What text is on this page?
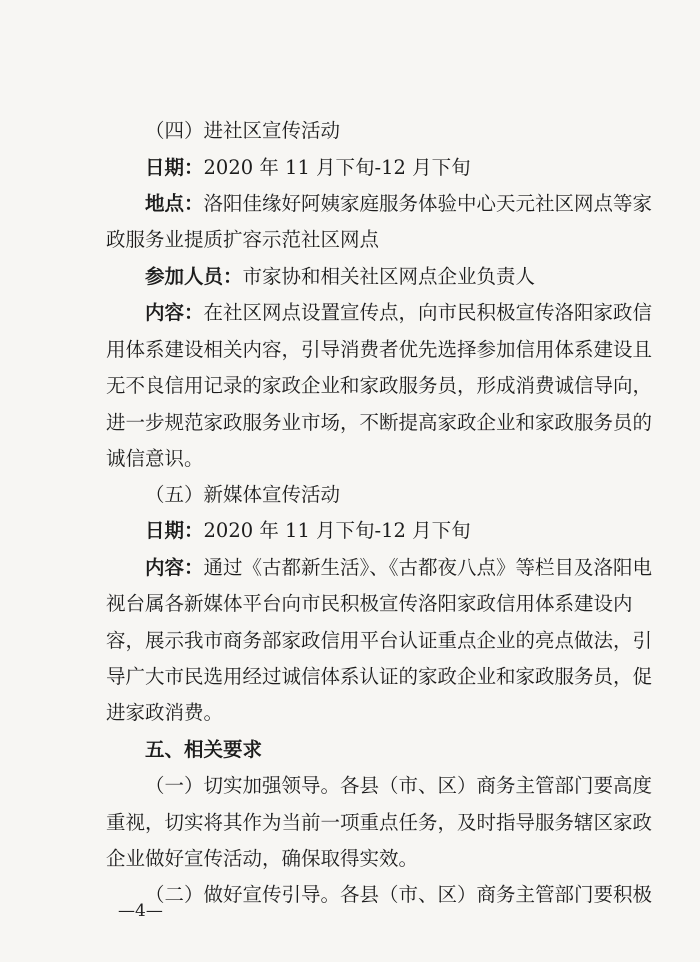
（四）进社区宣传活动
日期：2020 年 11 月下旬-12 月下旬
地点：洛阳佳缘好阿姨家庭服务体验中心天元社区网点等家
政服务业提质扩容示范社区网点
参加人员：市家协和相关社区网点企业负责人
内容：在社区网点设置宣传点，向市民积极宣传洛阳家政信
用体系建设相关内容，引导消费者优先选择参加信用体系建设且
无不良信用记录的家政企业和家政服务员，形成消费诚信导向，
进一步规范家政服务业市场，不断提高家政企业和家政服务员的
诚信意识。
（五）新媒体宣传活动
日期：2020 年 11 月下旬-12 月下旬
内容：通过《古都新生活》、《古都夜八点》等栏目及洛阳电
视台属各新媒体平台向市民积极宣传洛阳家政信用体系建设内
容，展示我市商务部家政信用平台认证重点企业的亮点做法，引
导广大市民选用经过诚信体系认证的家政企业和家政服务员，促
进家政消费。
五、相关要求
（一）切实加强领导。各县（市、区）商务主管部门要高度
重视，切实将其作为当前一项重点任务，及时指导服务辖区家政
企业做好宣传活动，确保取得实效。
（二）做好宣传引导。各县（市、区）商务主管部门要积极
—4—
